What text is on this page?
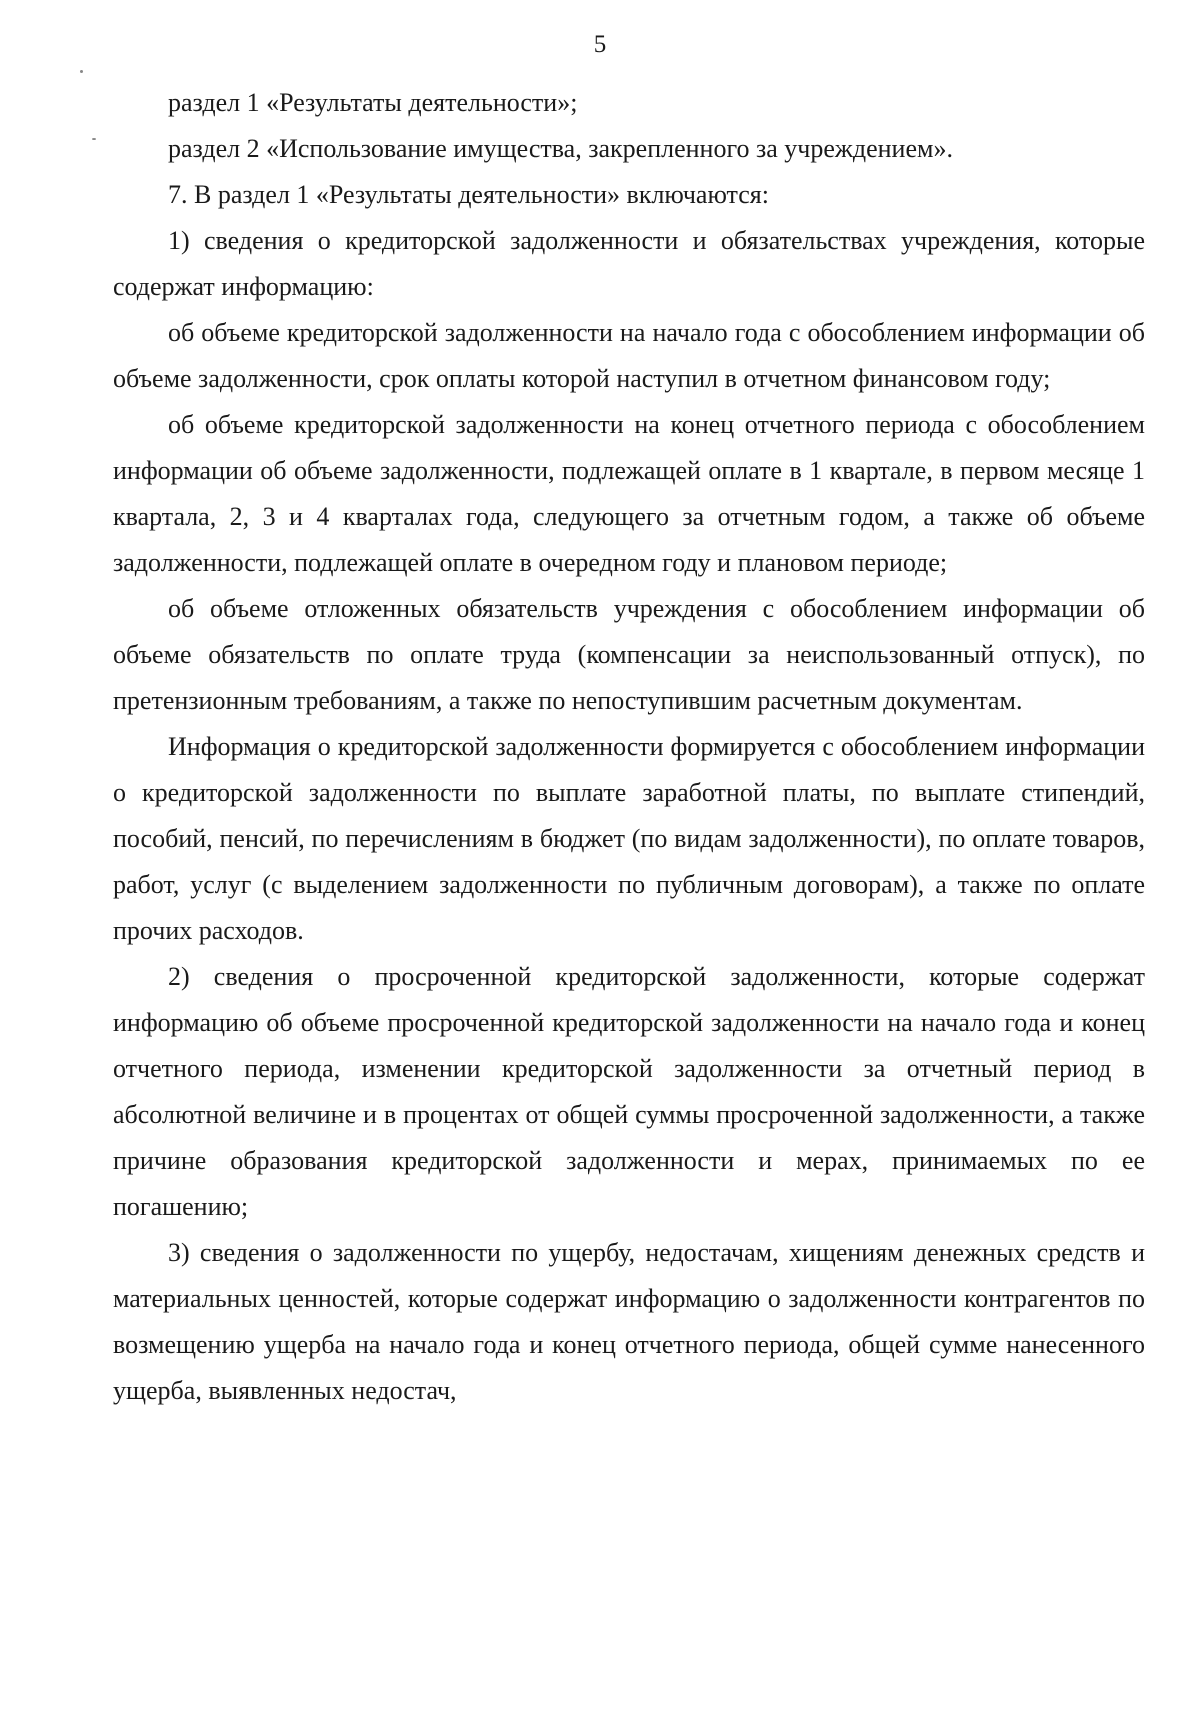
5

раздел 1 «Результаты деятельности»;

раздел 2 «Использование имущества, закрепленного за учреждением».

7. В раздел 1 «Результаты деятельности» включаются:

1) сведения о кредиторской задолженности и обязательствах учреждения, которые содержат информацию:

об объеме кредиторской задолженности на начало года с обособлением информации об объеме задолженности, срок оплаты которой наступил в отчетном финансовом году;

об объеме кредиторской задолженности на конец отчетного периода с обособлением информации об объеме задолженности, подлежащей оплате в 1 квартале, в первом месяце 1 квартала, 2, 3 и 4 кварталах года, следующего за отчетным годом, а также об объеме задолженности, подлежащей оплате в очередном году и плановом периоде;

об объеме отложенных обязательств учреждения с обособлением информации об объеме обязательств по оплате труда (компенсации за неиспользованный отпуск), по претензионным требованиям, а также по непоступившим расчетным документам.

Информация о кредиторской задолженности формируется с обособлением информации о кредиторской задолженности по выплате заработной платы, по выплате стипендий, пособий, пенсий, по перечислениям в бюджет (по видам задолженности), по оплате товаров, работ, услуг (с выделением задолженности по публичным договорам), а также по оплате прочих расходов.

2) сведения о просроченной кредиторской задолженности, которые содержат информацию об объеме просроченной кредиторской задолженности на начало года и конец отчетного периода, изменении кредиторской задолженности за отчетный период в абсолютной величине и в процентах от общей суммы просроченной задолженности, а также причине образования кредиторской задолженности и мерах, принимаемых по ее погашению;

3) сведения о задолженности по ущербу, недостачам, хищениям денежных средств и материальных ценностей, которые содержат информацию о задолженности контрагентов по возмещению ущерба на начало года и конец отчетного периода, общей сумме нанесенного ущерба, выявленных недостач,
